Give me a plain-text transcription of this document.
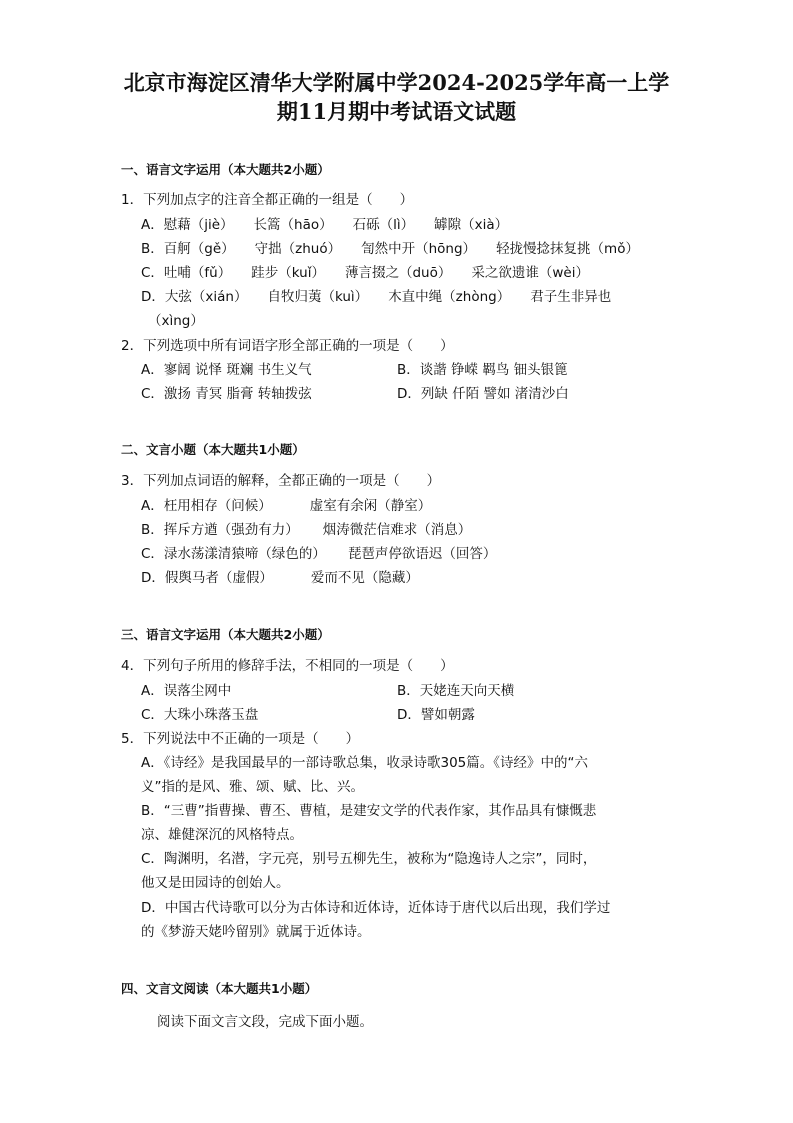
北京市海淀区清华大学附属中学2024-2025学年高一上学
期11月期中考试语文试题
一、语言文字运用（本大题共2小题）
1．下列加点字的注音全都正确的一组是（　　）
A．慰藉（jiè） 长篙（hāo） 石砾（lì） 罅隙（xià）
B．百舸（gě） 守拙（zhuó） 訇然中开（hōng） 轻拢慢捻抹复挑（mǒ）
C．吐哺（fǔ） 跬步（kuǐ） 薄言掇之（duō） 采之欲遗谁（wèi）
D．大弦（xián） 自牧归荑（kuì） 木直中绳（zhòng） 君子生非异也
（xìng）
2．下列选项中所有词语字形全部正确的一项是（　　）
A．寥阔 说怿 斑斓 书生义气	B．谈諧 铮嵘 羁鸟 钿头银篦
C．激扬 青冥 脂膏 转轴拨弦	D．列缺 仟陌 譬如 渚清沙白
二、文言小题（本大题共1小题）
3．下列加点词语的解释，全都正确的一项是（　　）
A．枉用相存（问候）	虚室有余闲（静室）
B．挥斥方遒（强劲有力） 烟涛微茫信难求（消息）
C．渌水荡漾清猿啼（绿色的） 琵琶声停欲语迟（回答）
D．假舆马者（虚假）	爱而不见（隐藏）
三、语言文字运用（本大题共2小题）
4．下列句子所用的修辞手法，不相同的一项是（　　）
A．误落尘网中	B．天姥连天向天横
C．大珠小珠落玉盘	D．譬如朝露
5．下列说法中不正确的一项是（　　）
A．《诗经》是我国最早的一部诗歌总集，收录诗歌305篇。《诗经》中的“六
义”指的是风、雅、颂、赋、比、兴。
B．“三曹”指曹操、曹丕、曹植，是建安文学的代表作家，其作品具有慷慨悲
凉、雄健深沉的风格特点。
C．陶渊明，名潜，字元亮，别号五柳先生，被称为“隐逸诗人之宗”，同时，
他又是田园诗的创始人。
D．中国古代诗歌可以分为古体诗和近体诗，近体诗于唐代以后出现，我们学过
的《梦游天姥吟留别》就属于近体诗。
四、文言文阅读（本大题共1小题）
阅读下面文言文段，完成下面小题。
